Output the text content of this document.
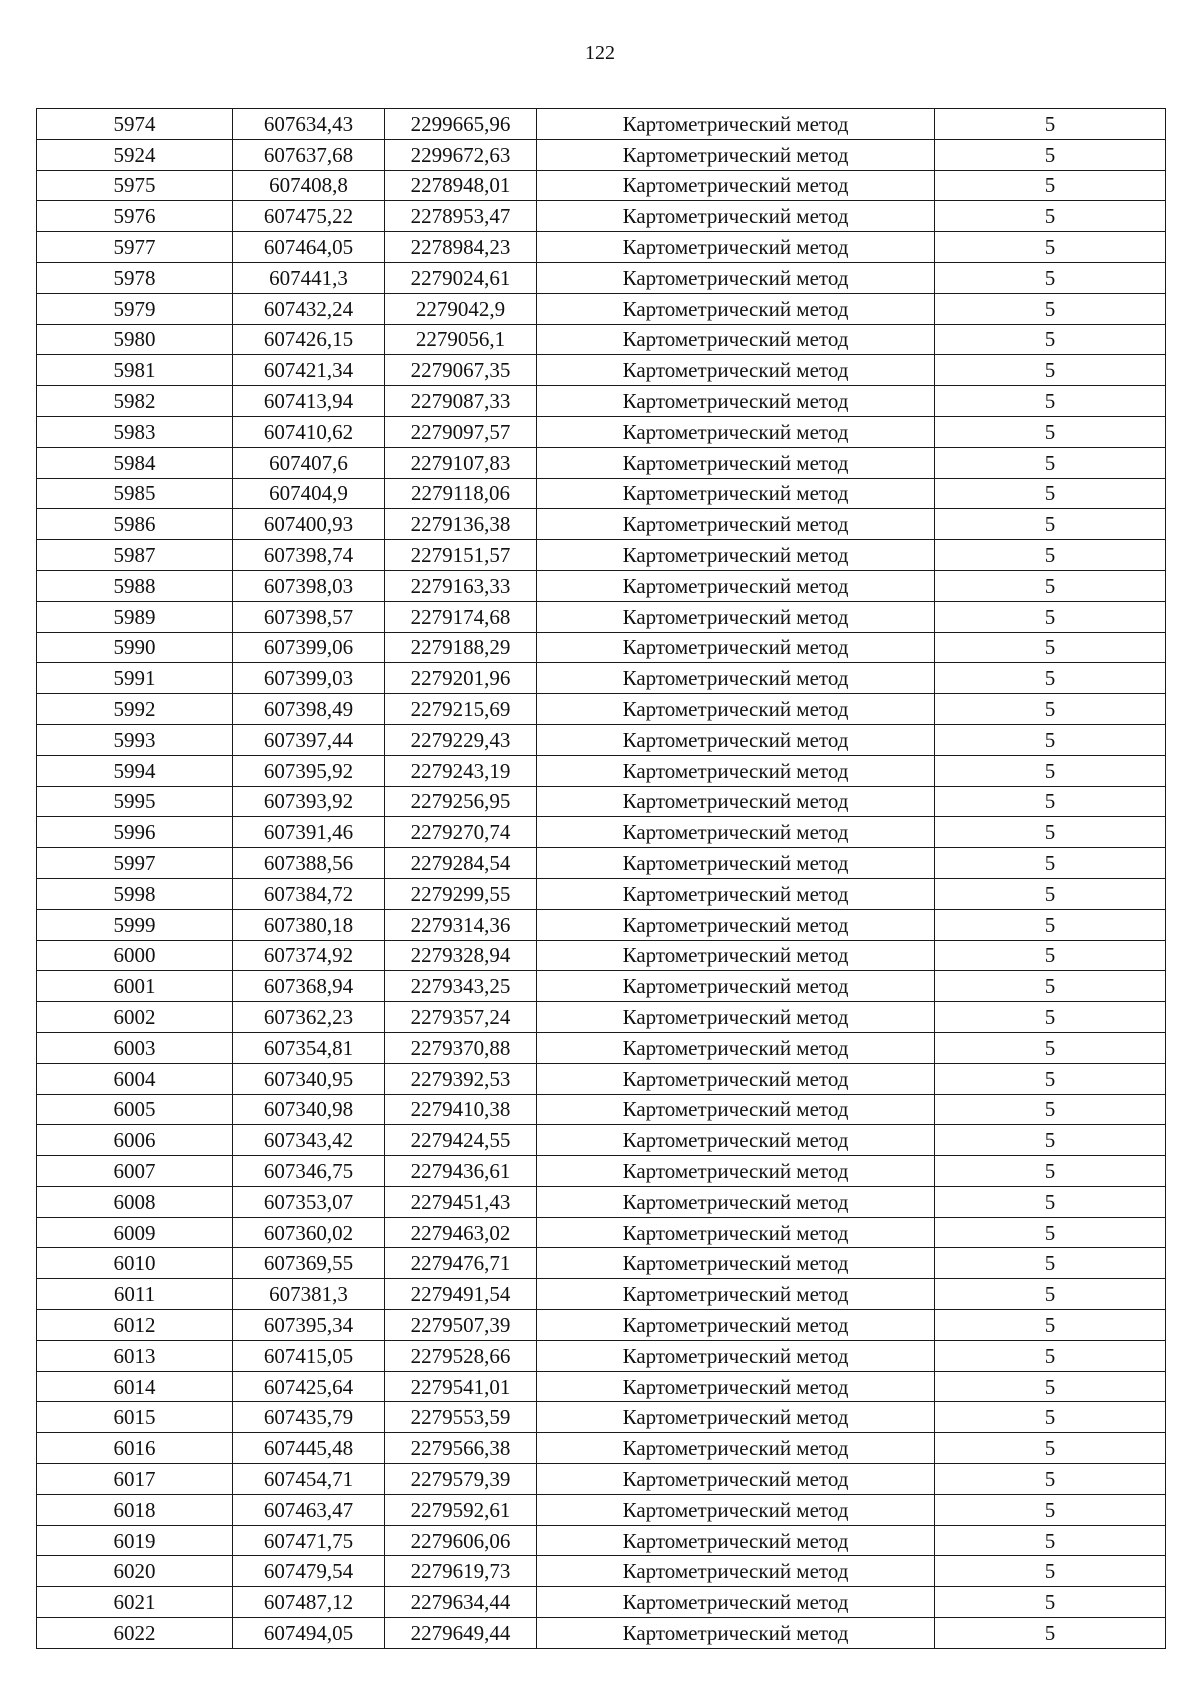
122
5974	607634,43	2299665,96	Картометрический метод	5
5924	607637,68	2299672,63	Картометрический метод	5
5975	607408,8	2278948,01	Картометрический метод	5
5976	607475,22	2278953,47	Картометрический метод	5
5977	607464,05	2278984,23	Картометрический метод	5
5978	607441,3	2279024,61	Картометрический метод	5
5979	607432,24	2279042,9	Картометрический метод	5
5980	607426,15	2279056,1	Картометрический метод	5
5981	607421,34	2279067,35	Картометрический метод	5
5982	607413,94	2279087,33	Картометрический метод	5
5983	607410,62	2279097,57	Картометрический метод	5
5984	607407,6	2279107,83	Картометрический метод	5
5985	607404,9	2279118,06	Картометрический метод	5
5986	607400,93	2279136,38	Картометрический метод	5
5987	607398,74	2279151,57	Картометрический метод	5
5988	607398,03	2279163,33	Картометрический метод	5
5989	607398,57	2279174,68	Картометрический метод	5
5990	607399,06	2279188,29	Картометрический метод	5
5991	607399,03	2279201,96	Картометрический метод	5
5992	607398,49	2279215,69	Картометрический метод	5
5993	607397,44	2279229,43	Картометрический метод	5
5994	607395,92	2279243,19	Картометрический метод	5
5995	607393,92	2279256,95	Картометрический метод	5
5996	607391,46	2279270,74	Картометрический метод	5
5997	607388,56	2279284,54	Картометрический метод	5
5998	607384,72	2279299,55	Картометрический метод	5
5999	607380,18	2279314,36	Картометрический метод	5
6000	607374,92	2279328,94	Картометрический метод	5
6001	607368,94	2279343,25	Картометрический метод	5
6002	607362,23	2279357,24	Картометрический метод	5
6003	607354,81	2279370,88	Картометрический метод	5
6004	607340,95	2279392,53	Картометрический метод	5
6005	607340,98	2279410,38	Картометрический метод	5
6006	607343,42	2279424,55	Картометрический метод	5
6007	607346,75	2279436,61	Картометрический метод	5
6008	607353,07	2279451,43	Картометрический метод	5
6009	607360,02	2279463,02	Картометрический метод	5
6010	607369,55	2279476,71	Картометрический метод	5
6011	607381,3	2279491,54	Картометрический метод	5
6012	607395,34	2279507,39	Картометрический метод	5
6013	607415,05	2279528,66	Картометрический метод	5
6014	607425,64	2279541,01	Картометрический метод	5
6015	607435,79	2279553,59	Картометрический метод	5
6016	607445,48	2279566,38	Картометрический метод	5
6017	607454,71	2279579,39	Картометрический метод	5
6018	607463,47	2279592,61	Картометрический метод	5
6019	607471,75	2279606,06	Картометрический метод	5
6020	607479,54	2279619,73	Картометрический метод	5
6021	607487,12	2279634,44	Картометрический метод	5
6022	607494,05	2279649,44	Картометрический метод	5
